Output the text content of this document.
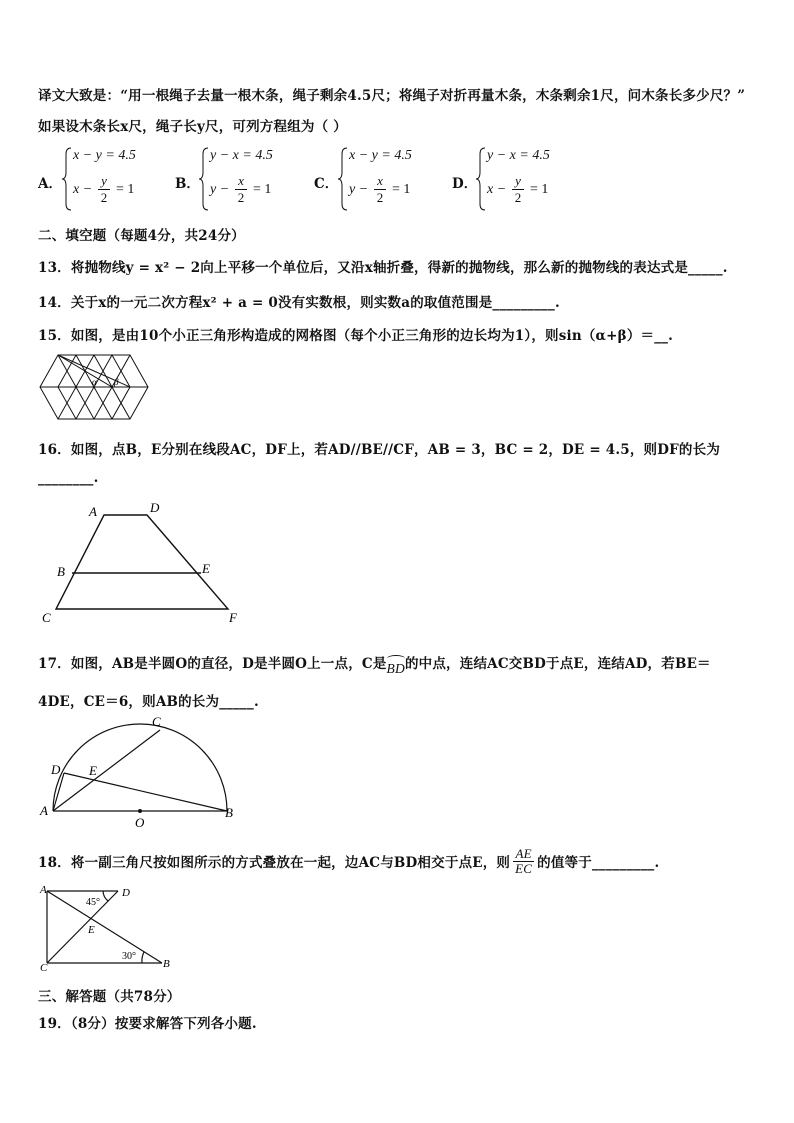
译文大致是：“用一根绳子去量一根木条，绳子剩余4.5尺；将绳子对折再量木条，木条剩余1尺，问木条长多少尺？”
如果设木条长x尺，绳子长y尺，可列方程组为（ ）
A．
x − y = 4.5
x −
y
2
= 1	B．
y − x = 4.5
y −
x
2
= 1	C．
x − y = 4.5
y −
x
2
= 1	D．
y − x = 4.5
x −
y
2
= 1
二、填空题（每题4分，共24分）
13．将抛物线y = x² − 2向上平移一个单位后，又沿x轴折叠，得新的抛物线，那么新的抛物线的表达式是_____.
14．关于x的一元二次方程x² + a = 0没有实数根，则实数a的取值范围是_________.
15．如图，是由10个小正三角形构造成的网格图（每个小正三角形的边长均为1），则sin（α+β）＝__.
α β
16．如图，点B，E分别在线段AC，DF上，若AD//BE//CF，AB = 3，BC = 2，DE = 4.5，则DF的长为
________.
A	D
B	E
C	F
17．如图，AB是半圆O的直径，D是半圆O上一点，C是
BD的中点，连结AC交BD于点E，连结AD，若BE＝
4DE，CE＝6，则AB的长为_____.
C
D E
A	B
O
18．将一副三角尺按如图所示的方式叠放在一起，边AC与BD相交于点E，则 $\frac{AE}{EC}$ 的值等于_________.
A	D
E
C	B
45°
30°
三、解答题（共78分）
19．（8分）按要求解答下列各小题.
